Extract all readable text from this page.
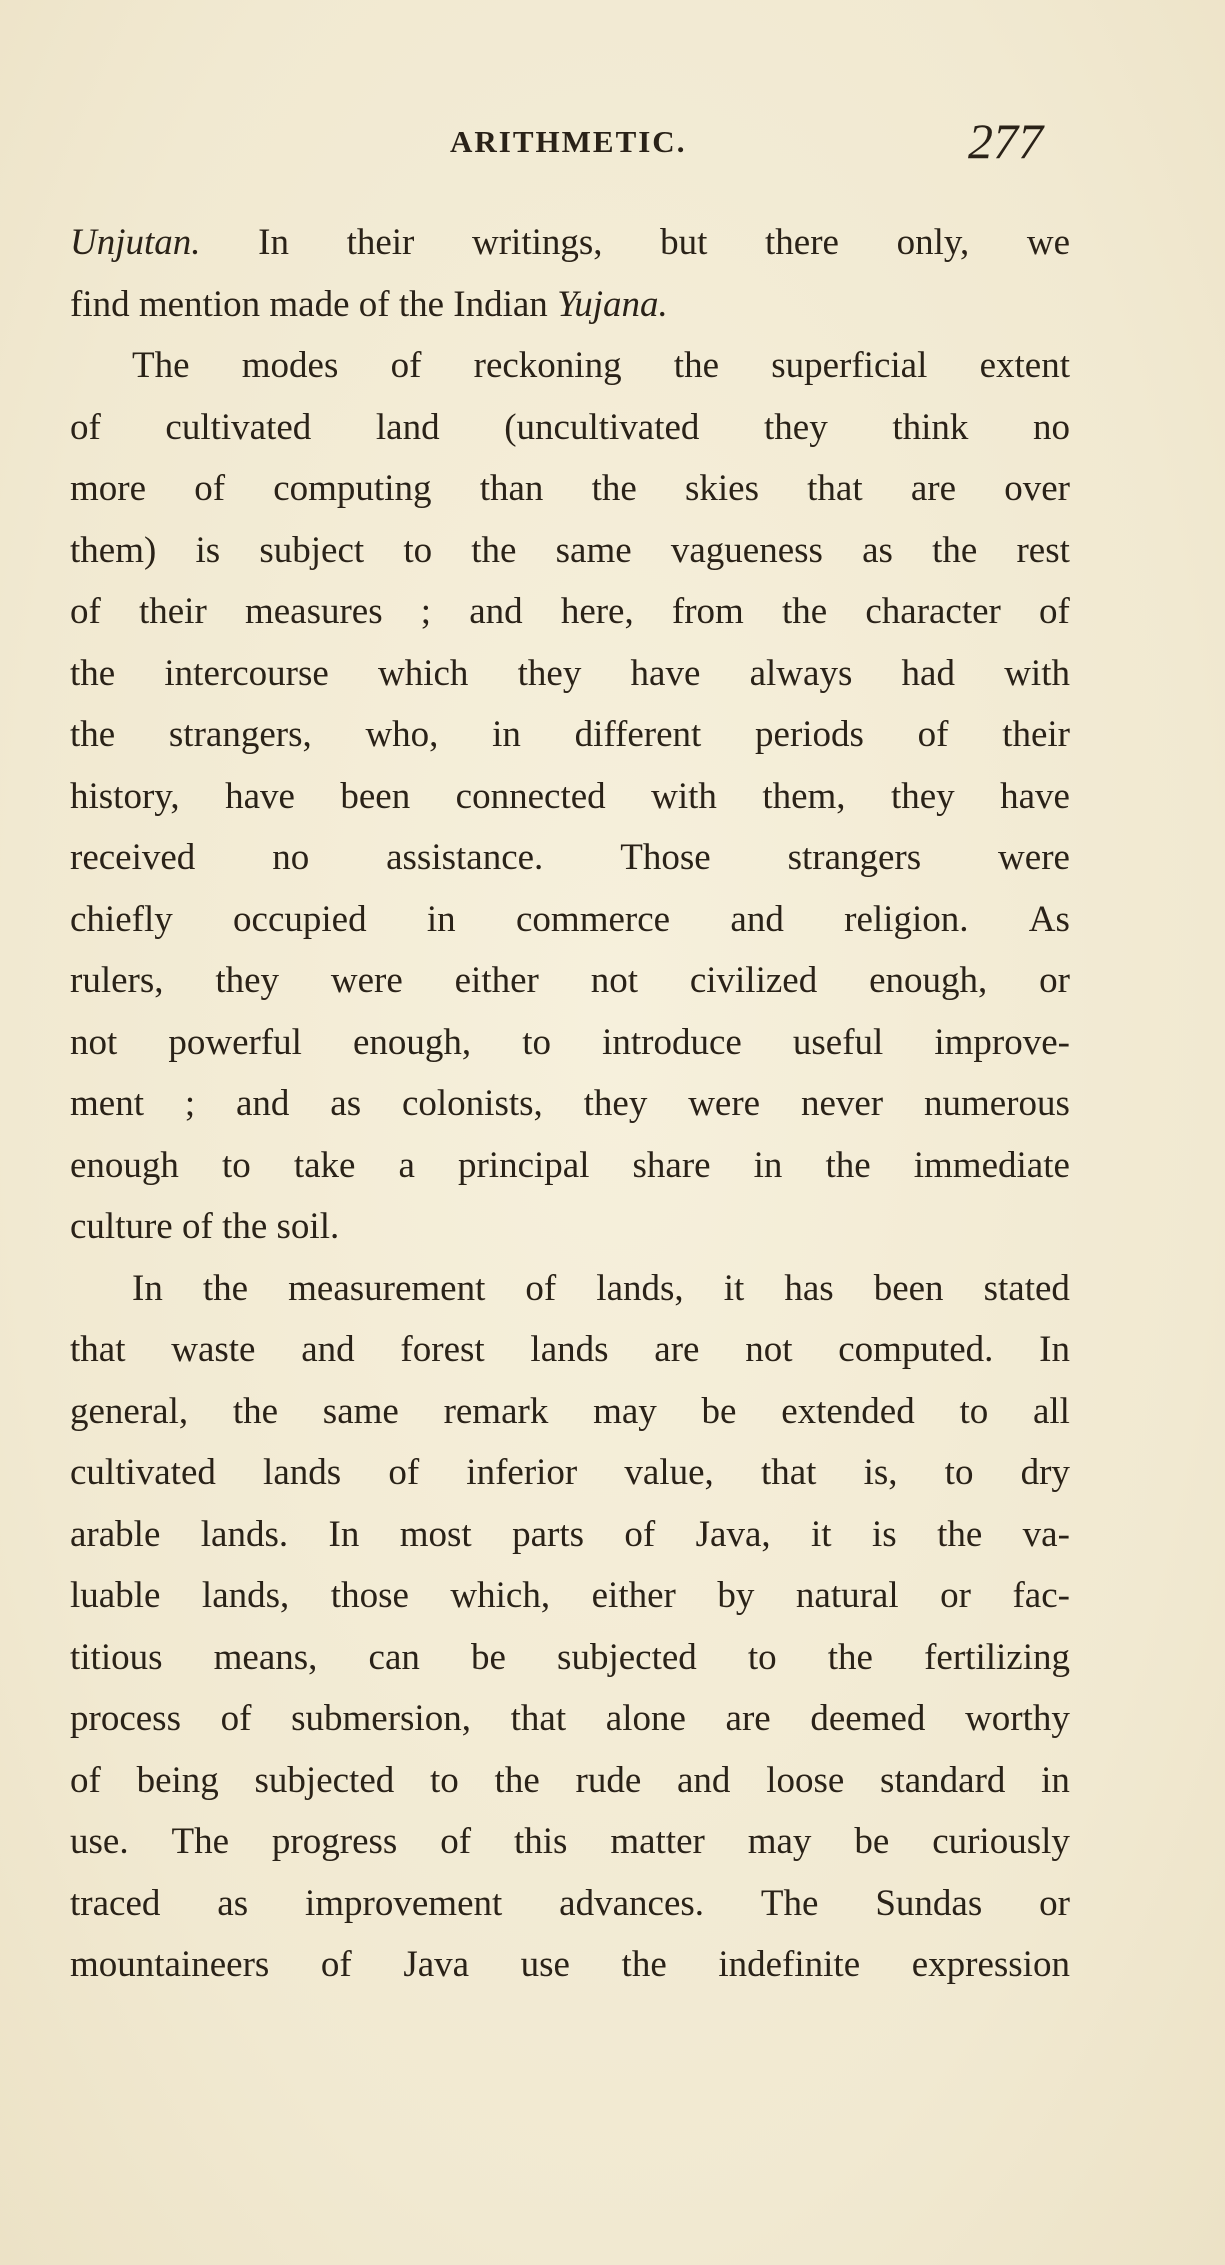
ARITHMETIC.	277
Unjutan. In their writings, but there only, we
find mention made of the Indian Yujana.
The modes of reckoning the superficial extent
of cultivated land (uncultivated they think no
more of computing than the skies that are over
them) is subject to the same vagueness as the rest
of their measures ; and here, from the character of
the intercourse which they have always had with
the strangers, who, in different periods of their
history, have been connected with them, they have
received no assistance. Those strangers were
chiefly occupied in commerce and religion. As
rulers, they were either not civilized enough, or
not powerful enough, to introduce useful improve-
ment ; and as colonists, they were never numerous
enough to take a principal share in the immediate
culture of the soil.
In the measurement of lands, it has been stated
that waste and forest lands are not computed. In
general, the same remark may be extended to all
cultivated lands of inferior value, that is, to dry
arable lands. In most parts of Java, it is the va-
luable lands, those which, either by natural or fac-
titious means, can be subjected to the fertilizing
process of submersion, that alone are deemed worthy
of being subjected to the rude and loose standard in
use. The progress of this matter may be curiously
traced as improvement advances. The Sundas or
mountaineers of Java use the indefinite expression
